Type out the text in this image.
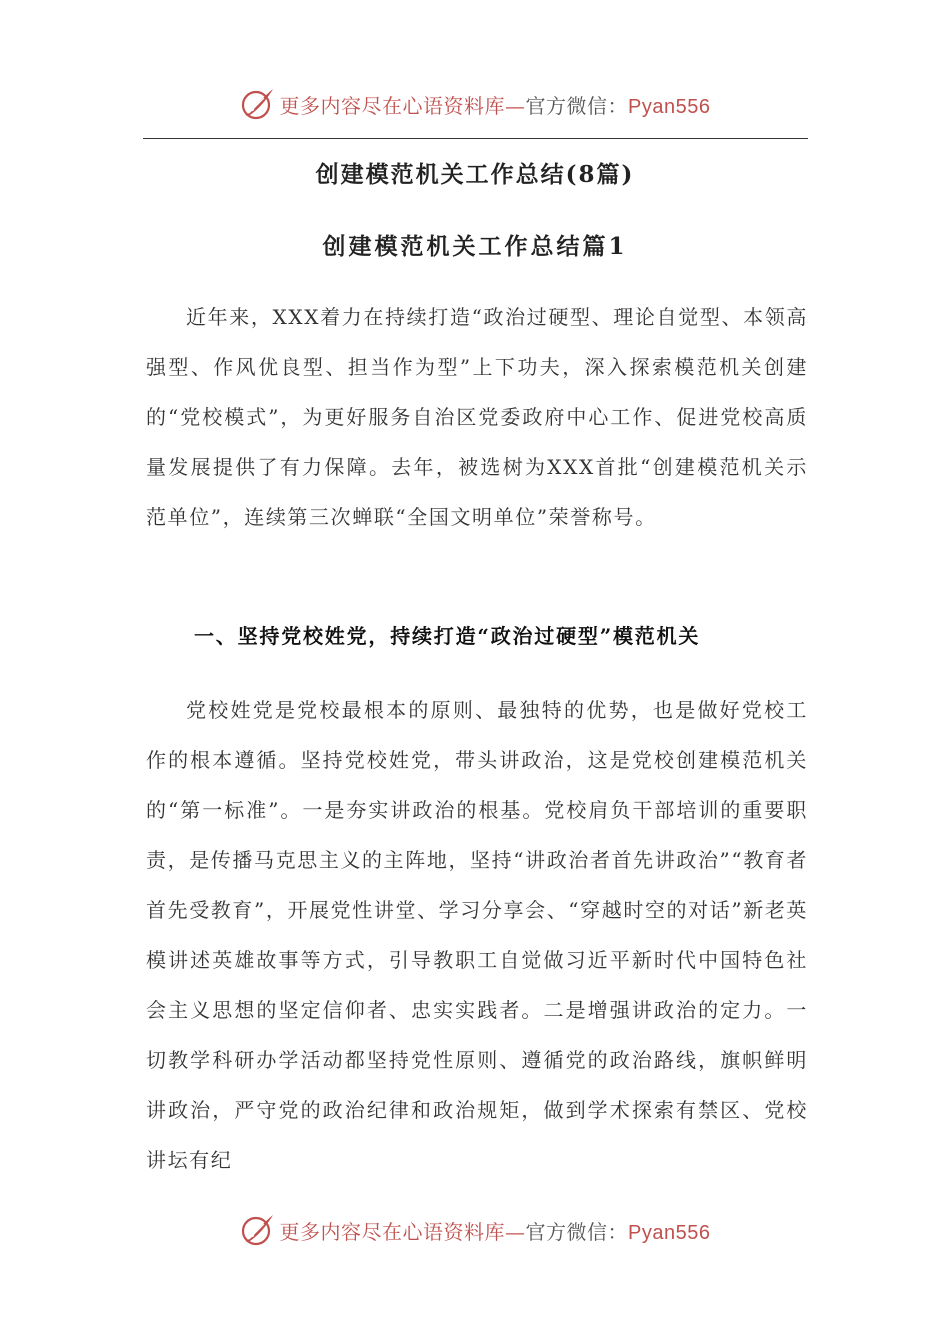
更多内容尽在心语资料库—官方微信：Pyan556
创建模范机关工作总结(8篇)
创建模范机关工作总结篇1

近年来，XXX着力在持续打造“政治过硬型、理论自觉型、本领高强型、作风优良型、担当作为型”上下功夫，深入探索模范机关创建的“党校模式”，为更好服务自治区党委政府中心工作、促进党校高质量发展提供了有力保障。去年，被选树为XXX首批“创建模范机关示范单位”，连续第三次蝉联“全国文明单位”荣誉称号。

一、坚持党校姓党，持续打造“政治过硬型”模范机关

党校姓党是党校最根本的原则、最独特的优势，也是做好党校工作的根本遵循。坚持党校姓党，带头讲政治，这是党校创建模范机关的“第一标准”。一是夯实讲政治的根基。党校肩负干部培训的重要职责，是传播马克思主义的主阵地，坚持“讲政治者首先讲政治”“教育者首先受教育”，开展党性讲堂、学习分享会、“穿越时空的对话”新老英模讲述英雄故事等方式，引导教职工自觉做习近平新时代中国特色社会主义思想的坚定信仰者、忠实实践者。二是增强讲政治的定力。一切教学科研办学活动都坚持党性原则、遵循党的政治路线，旗帜鲜明讲政治，严守党的政治纪律和政治规矩，做到学术探索有禁区、党校讲坛有纪

更多内容尽在心语资料库—官方微信：Pyan556
